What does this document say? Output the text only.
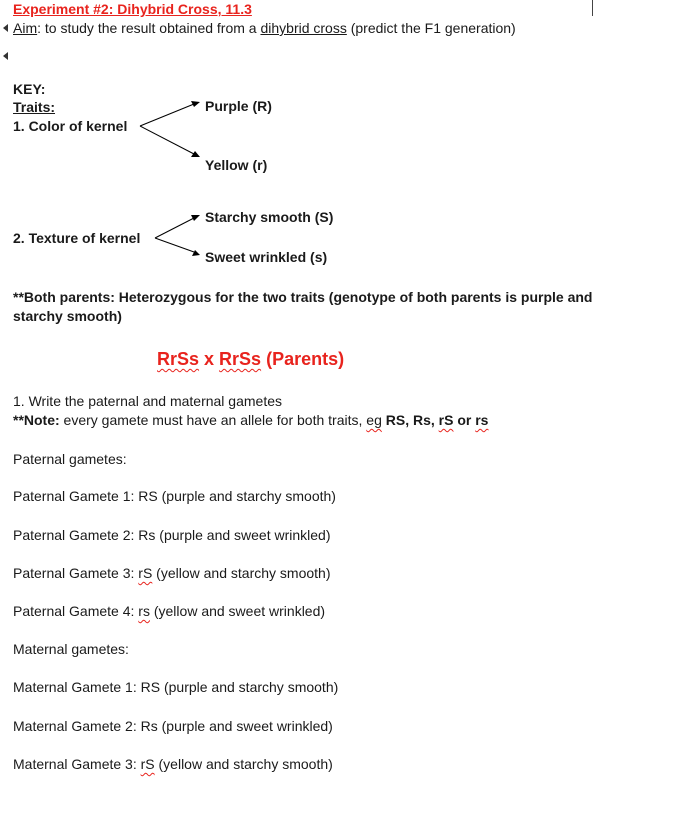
Experiment #2: Dihybrid Cross, 11.3
Aim: to study the result obtained from a dihybrid cross (predict the F1 generation)
KEY:
Traits:
1. Color of kernel
Purple (R)
Yellow (r)
2. Texture of kernel
Starchy smooth (S)
Sweet wrinkled (s)
**Both parents: Heterozygous for the two traits (genotype of both parents is purple and starchy smooth)
RrSs x RrSs (Parents)
1. Write the paternal and maternal gametes
**Note: every gamete must have an allele for both traits, eg RS, Rs, rS or rs
Paternal gametes:
Paternal Gamete 1: RS (purple and starchy smooth)
Paternal Gamete 2: Rs (purple and sweet wrinkled)
Paternal Gamete 3: rS (yellow and starchy smooth)
Paternal Gamete 4: rs (yellow and sweet wrinkled)
Maternal gametes:
Maternal Gamete 1: RS (purple and starchy smooth)
Maternal Gamete 2: Rs (purple and sweet wrinkled)
Maternal Gamete 3: rS (yellow and starchy smooth)
